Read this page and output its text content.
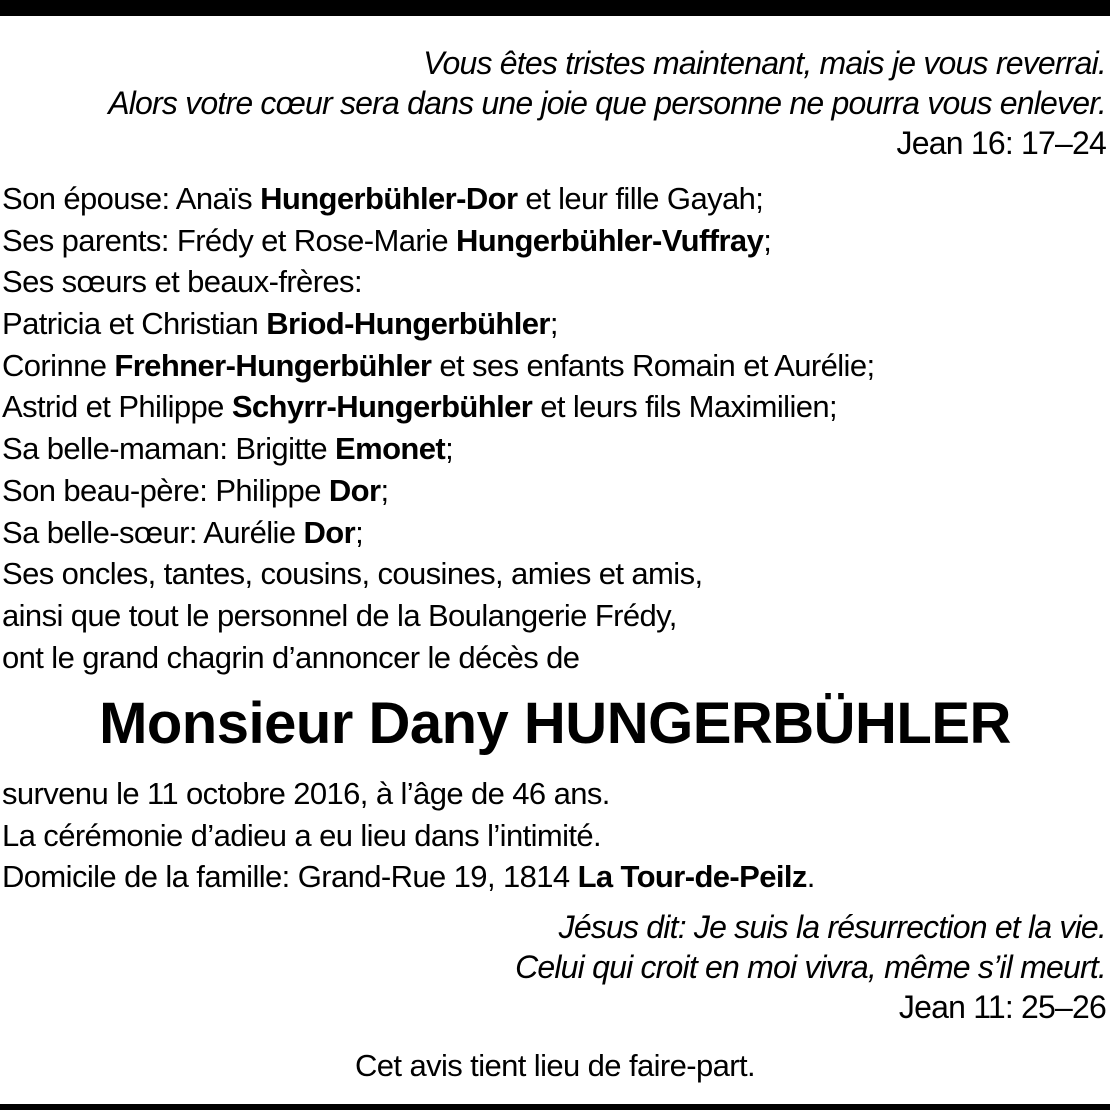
Vous êtes tristes maintenant, mais je vous reverrai.
Alors votre cœur sera dans une joie que personne ne pourra vous enlever.
Jean 16: 17–24
Son épouse: Anaïs Hungerbühler-Dor et leur fille Gayah;
Ses parents: Frédy et Rose-Marie Hungerbühler-Vuffray;
Ses sœurs et beaux-frères:
Patricia et Christian Briod-Hungerbühler;
Corinne Frehner-Hungerbühler et ses enfants Romain et Aurélie;
Astrid et Philippe Schyrr-Hungerbühler et leurs fils Maximilien;
Sa belle-maman: Brigitte Emonet;
Son beau-père: Philippe Dor;
Sa belle-sœur: Aurélie Dor;
Ses oncles, tantes, cousins, cousines, amies et amis,
ainsi que tout le personnel de la Boulangerie Frédy,
ont le grand chagrin d’annoncer le décès de
Monsieur Dany HUNGERBÜHLER
survenu le 11 octobre 2016, à l’âge de 46 ans.
La cérémonie d’adieu a eu lieu dans l’intimité.
Domicile de la famille: Grand-Rue 19, 1814 La Tour-de-Peilz.
Jésus dit: Je suis la résurrection et la vie.
Celui qui croit en moi vivra, même s’il meurt.
Jean 11: 25–26
Cet avis tient lieu de faire-part.
